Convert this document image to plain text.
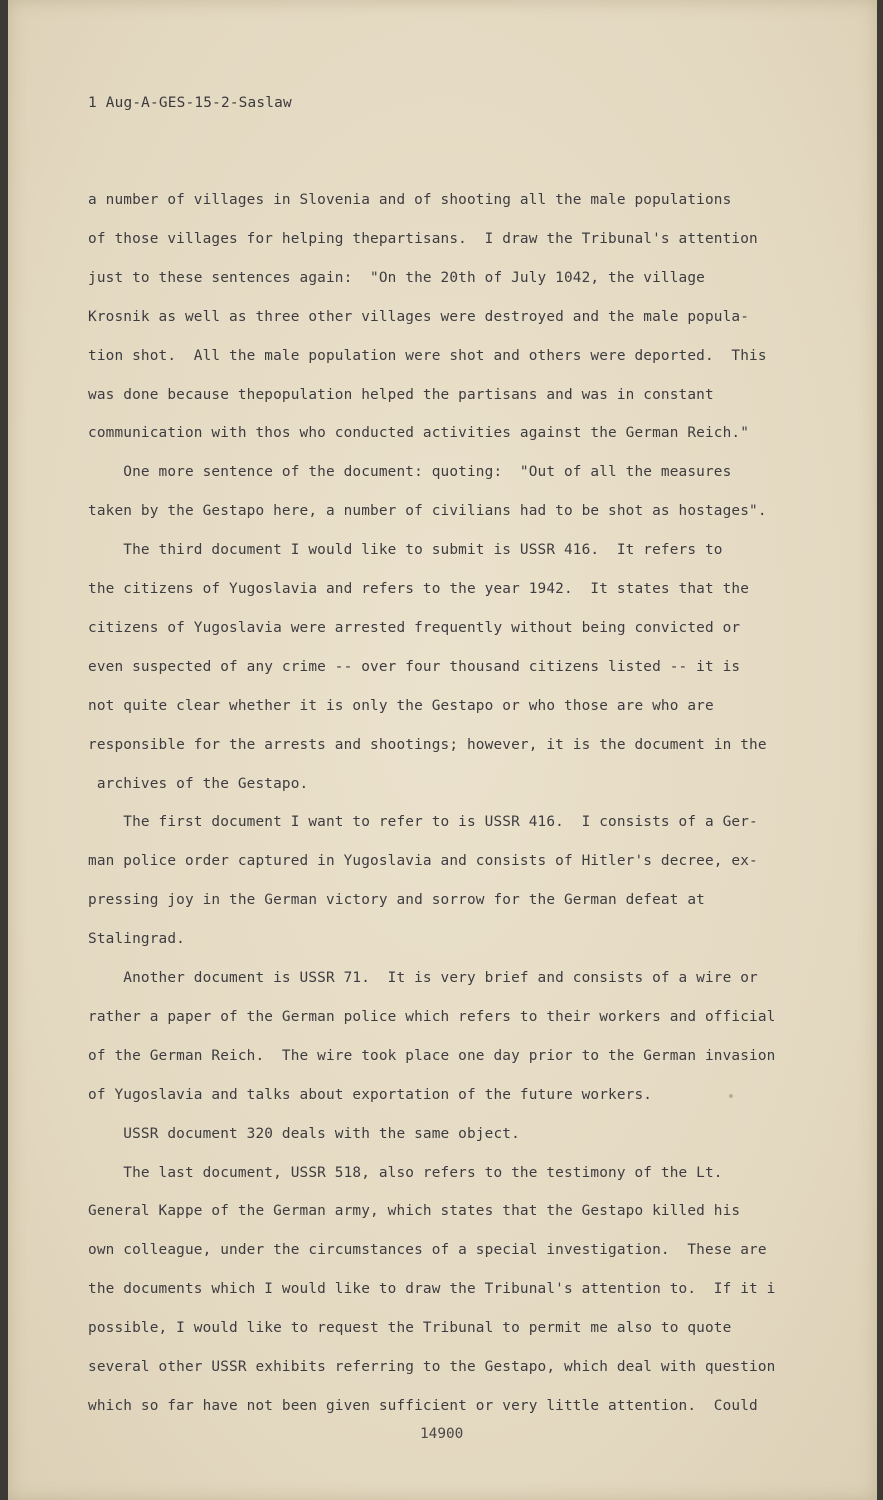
1 Aug-A-GES-15-2-Saslaw
a number of villages in Slovenia and of shooting all the male populations
of those villages for helping thepartisans.  I draw the Tribunal's attention
just to these sentences again:  "On the 20th of July 1042, the village
Krosnik as well as three other villages were destroyed and the male popula-
tion shot.  All the male population were shot and others were deported.  This
was done because thepopulation helped the partisans and was in constant
communication with thos who conducted activities against the German Reich."
One more sentence of the document: quoting:  "Out of all the measures
taken by the Gestapo here, a number of civilians had to be shot as hostages".
The third document I would like to submit is USSR 416.  It refers to
the citizens of Yugoslavia and refers to the year 1942.  It states that the
citizens of Yugoslavia were arrested frequently without being convicted or
even suspected of any crime -- over four thousand citizens listed -- it is
not quite clear whether it is only the Gestapo or who those are who are
responsible for the arrests and shootings; however, it is the document in the
archives of the Gestapo.
The first document I want to refer to is USSR 416.  I consists of a Ger-
man police order captured in Yugoslavia and consists of Hitler's decree, ex-
pressing joy in the German victory and sorrow for the German defeat at
Stalingrad.
Another document is USSR 71.  It is very brief and consists of a wire or
rather a paper of the German police which refers to their workers and official
of the German Reich.  The wire took place one day prior to the German invasion
of Yugoslavia and talks about exportation of the future workers.
USSR document 320 deals with the same object.
The last document, USSR 518, also refers to the testimony of the Lt.
General Kappe of the German army, which states that the Gestapo killed his
own colleague, under the circumstances of a special investigation.  These are
the documents which I would like to draw the Tribunal's attention to.  If it i
possible, I would like to request the Tribunal to permit me also to quote
several other USSR exhibits referring to the Gestapo, which deal with question
which so far have not been given sufficient or very little attention.  Could
14900
